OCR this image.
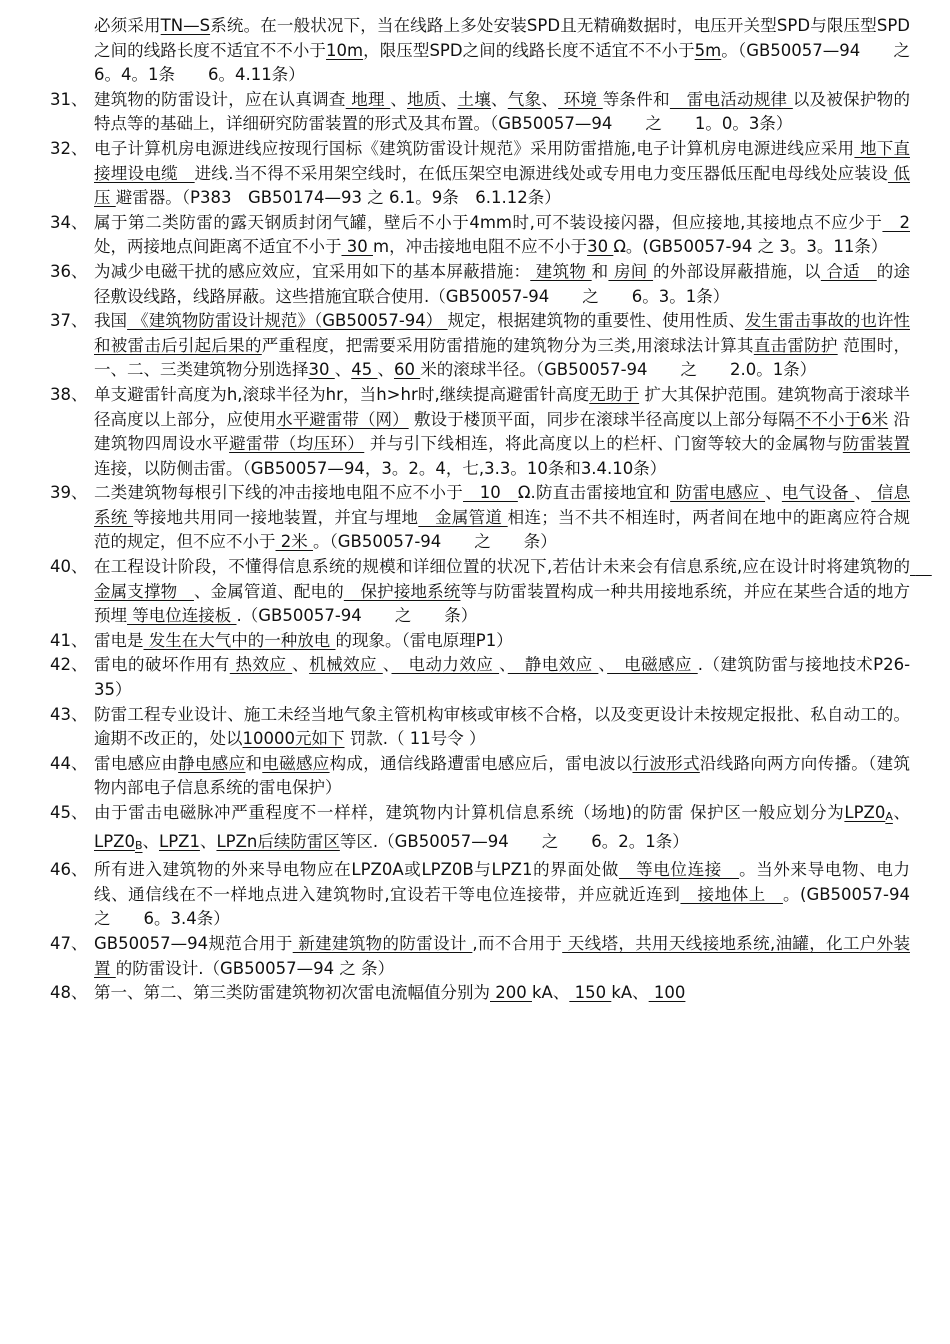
必须采用TN—S系统。在一般状况下，当在线路上多处安装SPD且无精确数据时，电压开关型SPD与限压型SPD之间的线路长度不适宜不不小于10m，限压型SPD之间的线路长度不适宜不不小于5m。（GB50057—94　　之　　6。4。1条　　6。4.11条）

31、 建筑物的防雷设计，应在认真调查 地理 、地质、土壤、气象、 环境 等条件和　雷电活动规律 以及被保护物的特点等的基础上，详细研究防雷装置的形式及其布置。（GB50057—94　　之　　1。0。3条）

32、 电子计算机房电源进线应按现行国标《建筑防雷设计规范》采用防雷措施,电子计算机房电源进线应采用 地下直接埋设电缆　进线.当不得不采用架空线时，在低压架空电源进线处或专用电力变压器低压配电母线处应装设 低压 避雷器。（P383　GB50174—93 之 6.1。9条　6.1.12条）

34、 属于第二类防雷的露天钢质封闭气罐，壁后不小于4mm时,可不装设接闪器，但应接地,其接地点不应少于　2 处，两接地点间距离不适宜不小于 30 m，冲击接地电阻不应不小于30 Ω。(GB50057-94 之 3。3。11条）

36、 为减少电磁干扰的感应效应，宜采用如下的基本屏蔽措施： 建筑物 和 房间 的外部设屏蔽措施，以 合适　的途径敷设线路，线路屏蔽。这些措施宜联合使用.（GB50057-94　　之　　6。3。1条）

37、 我国 《建筑物防雷设计规范》（GB50057-94） 规定，根据建筑物的重要性、使用性质、发生雷击事故的也许性和被雷击后引起后果的严重程度，把需要采用防雷措施的建筑物分为三类,用滚球法计算其直击雷防护 范围时，一、二、三类建筑物分别选择30 、45 、60 米的滚球半径。（GB50057-94　　之　　2.0。1条）

38、 单支避雷针高度为h,滚球半径为hr，当h>hr时,继续提高避雷针高度无助于 扩大其保护范围。建筑物高于滚球半径高度以上部分，应使用水平避雷带（网） 敷设于楼顶平面，同步在滚球半径高度以上部分每隔不不小于6米 沿建筑物四周设水平避雷带（均压环） 并与引下线相连，将此高度以上的栏杆、门窗等较大的金属物与防雷装置 连接，以防侧击雷。（GB50057—94，3。2。4，七,3.3。10条和3.4.10条）

39、 二类建筑物每根引下线的冲击接地电阻不应不小于　10　Ω.防直击雷接地宜和 防雷电感应 、电气设备 、 信息系统 等接地共用同一接地装置，并宜与埋地　金属管道 相连；当不共不相连时，两者间在地中的距离应符合规范的规定，但不应不小于 2米 。（GB50057-94　　之　　条）

40、 在工程设计阶段，不懂得信息系统的规模和详细位置的状况下,若估计未来会有信息系统,应在设计时将建筑物的 　金属支撑物　、金属管道、配电的　保护接地系统等与防雷装置构成一种共用接地系统，并应在某些合适的地方预埋 等电位连接板 .（GB50057-94　　之　　条）

41、 雷电是 发生在大气中的一种放电 的现象。（雷电原理P1）

42、 雷电的破坏作用有 热效应 、机械效应 、　电动力效应 、　静电效应 、　电磁感应 .（建筑防雷与接地技术P26-35）

43、 防雷工程专业设计、施工未经当地气象主管机构审核或审核不合格，以及变更设计未按规定报批、私自动工的。逾期不改正的，处以10000元如下 罚款.（ 11号令 ）

44、 雷电感应由静电感应和电磁感应构成，通信线路遭雷电感应后，雷电波以行波形式沿线路向两方向传播。（建筑物内部电子信息系统的雷电保护）

45、 由于雷击电磁脉冲严重程度不一样样，建筑物内计算机信息系统（场地)的防雷 保护区一般应划分为LPZ0A、LPZ0B、LPZ1、LPZn后续防雷区等区.（GB50057—94　　之　　6。2。1条）

46、 所有进入建筑物的外来导电物应在LPZ0A或LPZ0B与LPZ1的界面处做　等电位连接　。当外来导电物、电力线、通信线在不一样地点进入建筑物时,宜设若干等电位连接带，并应就近连到　接地体上　。(GB50057-94　　之　　6。3.4条）

47、 GB50057—94规范合用于 新建建筑物的防雷设计 ,而不合用于 天线塔，共用天线接地系统,油罐，化工户外装置 的防雷设计.（GB50057—94 之 条）

48、 第一、第二、第三类防雷建筑物初次雷电流幅值分别为 200 kA、 150 kA、 100
